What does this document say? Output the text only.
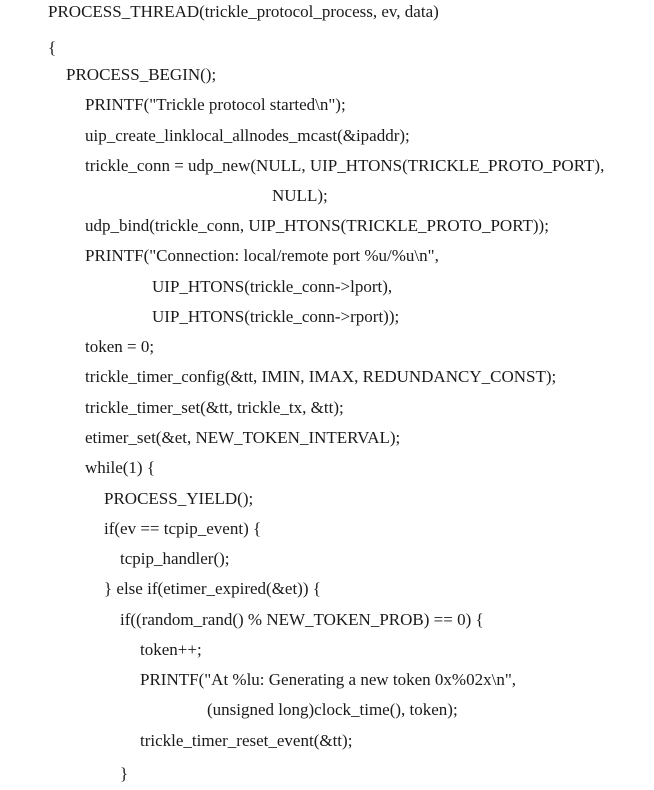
PROCESS_THREAD(trickle_protocol_process, ev, data)
{
PROCESS_BEGIN();
PRINTF("Trickle protocol started\n");
uip_create_linklocal_allnodes_mcast(&ipaddr);
trickle_conn = udp_new(NULL, UIP_HTONS(TRICKLE_PROTO_PORT),
NULL);
udp_bind(trickle_conn, UIP_HTONS(TRICKLE_PROTO_PORT));
PRINTF("Connection: local/remote port %u/%u\n",
UIP_HTONS(trickle_conn->lport),
UIP_HTONS(trickle_conn->rport));
token = 0;
trickle_timer_config(&tt, IMIN, IMAX, REDUNDANCY_CONST);
trickle_timer_set(&tt, trickle_tx, &tt);
etimer_set(&et, NEW_TOKEN_INTERVAL);
while(1) {
PROCESS_YIELD();
if(ev == tcpip_event) {
tcpip_handler();
} else if(etimer_expired(&et)) {
if((random_rand() % NEW_TOKEN_PROB) == 0) {
token++;
PRINTF("At %lu: Generating a new token 0x%02x\n",
(unsigned long)clock_time(), token);
trickle_timer_reset_event(&tt);
}
